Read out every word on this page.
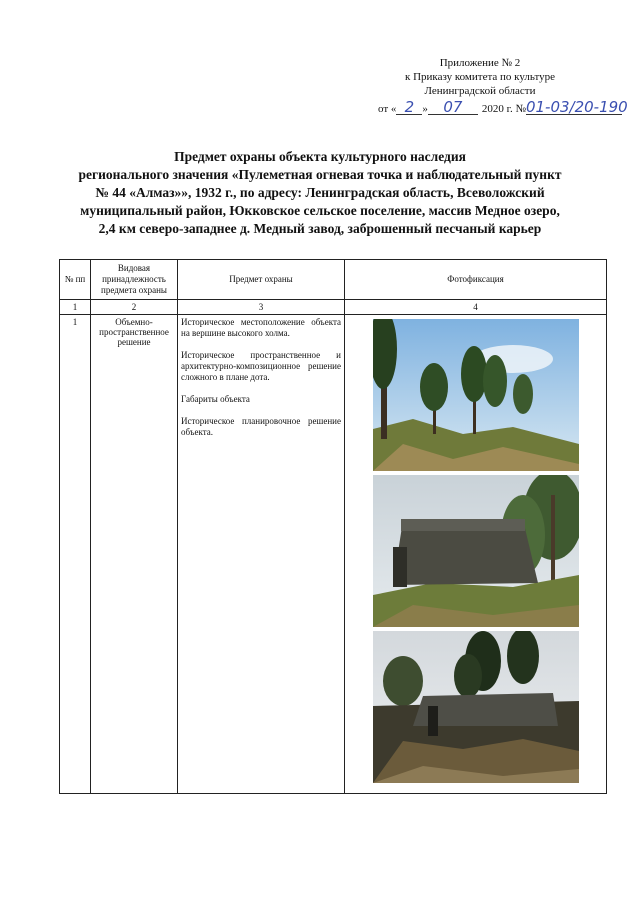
Приложение № 2
к Приказу комитета по культуре
Ленинградской области
от « 2 » 07 2020 г. №01-03/20-190
Предмет охраны объекта культурного наследия
регионального значения «Пулеметная огневая точка и наблюдательный пункт
№ 44 «Алмаз»», 1932 г., по адресу: Ленинградская область, Всеволожский
муниципальный район, Юкковское сельское поселение, массив Медное озеро,
2,4 км северо-западнее д. Медный завод, заброшенный песчаный карьер
№ пп	Видовая принадлежность предмета охраны	Предмет охраны	Фотофиксация
1	2	3	4
1	Объемно-пространственное решение	Историческое местоположение объекта на вершине высокого холма.

Историческое пространственное и архитектурно-композиционное решение сложного в плане дота.

Габариты объекта

Историческое планировочное решение объекта.
